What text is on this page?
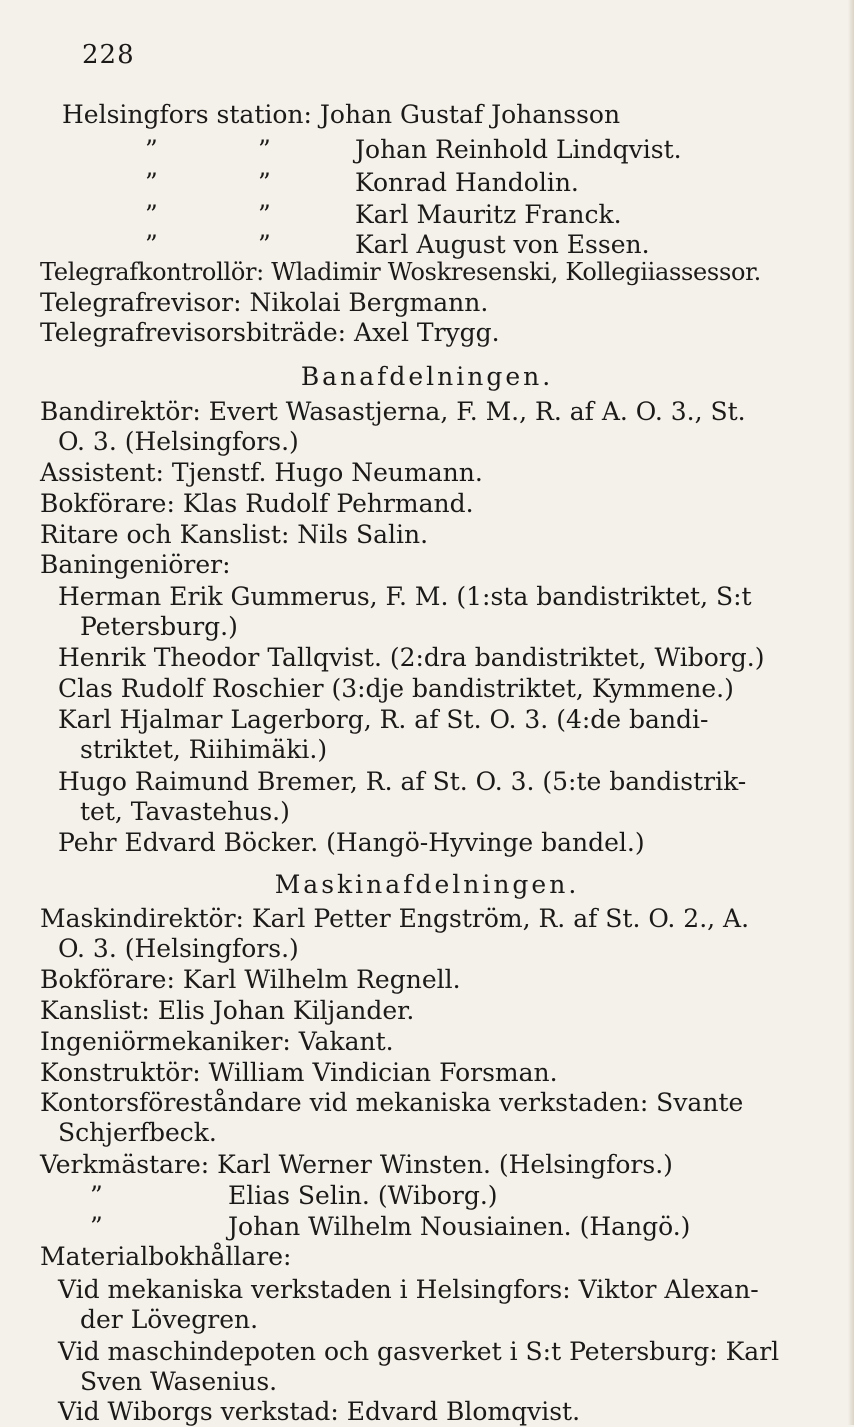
228
Helsingfors station: Johan Gustaf Johansson
”	”	Johan Reinhold Lindqvist.
”	”	Konrad Handolin.
”	”	Karl Mauritz Franck.
”	”	Karl August von Essen.
Telegrafkontrollör: Wladimir Woskresenski, Kollegiiassessor.
Telegrafrevisor: Nikolai Bergmann.
Telegrafrevisorsbiträde: Axel Trygg.
Banafdelningen.
Bandirektör: Evert Wasastjerna, F. M., R. af A. O. 3., St.
O. 3. (Helsingfors.)
Assistent: Tjenstf. Hugo Neumann.
Bokförare: Klas Rudolf Pehrmand.
Ritare och Kanslist: Nils Salin.
Baningeniörer:
Herman Erik Gummerus, F. M. (1:sta bandistriktet, S:t
Petersburg.)
Henrik Theodor Tallqvist. (2:dra bandistriktet, Wiborg.)
Clas Rudolf Roschier (3:dje bandistriktet, Kymmene.)
Karl Hjalmar Lagerborg, R. af St. O. 3. (4:de bandi-
striktet, Riihimäki.)
Hugo Raimund Bremer, R. af St. O. 3. (5:te bandistrik-
tet, Tavastehus.)
Pehr Edvard Böcker. (Hangö-Hyvinge bandel.)
Maskinafdelningen.
Maskindirektör: Karl Petter Engström, R. af St. O. 2., A.
O. 3. (Helsingfors.)
Bokförare: Karl Wilhelm Regnell.
Kanslist: Elis Johan Kiljander.
Ingeniörmekaniker: Vakant.
Konstruktör: William Vindician Forsman.
Kontorsföreståndare vid mekaniska verkstaden: Svante
Schjerfbeck.
Verkmästare: Karl Werner Winsten. (Helsingfors.)
”	Elias Selin. (Wiborg.)
”	Johan Wilhelm Nousiainen. (Hangö.)
Materialbokhållare:
Vid mekaniska verkstaden i Helsingfors: Viktor Alexan-
der Lövegren.
Vid maschindepoten och gasverket i S:t Petersburg: Karl
Sven Wasenius.
Vid Wiborgs verkstad: Edvard Blomqvist.
